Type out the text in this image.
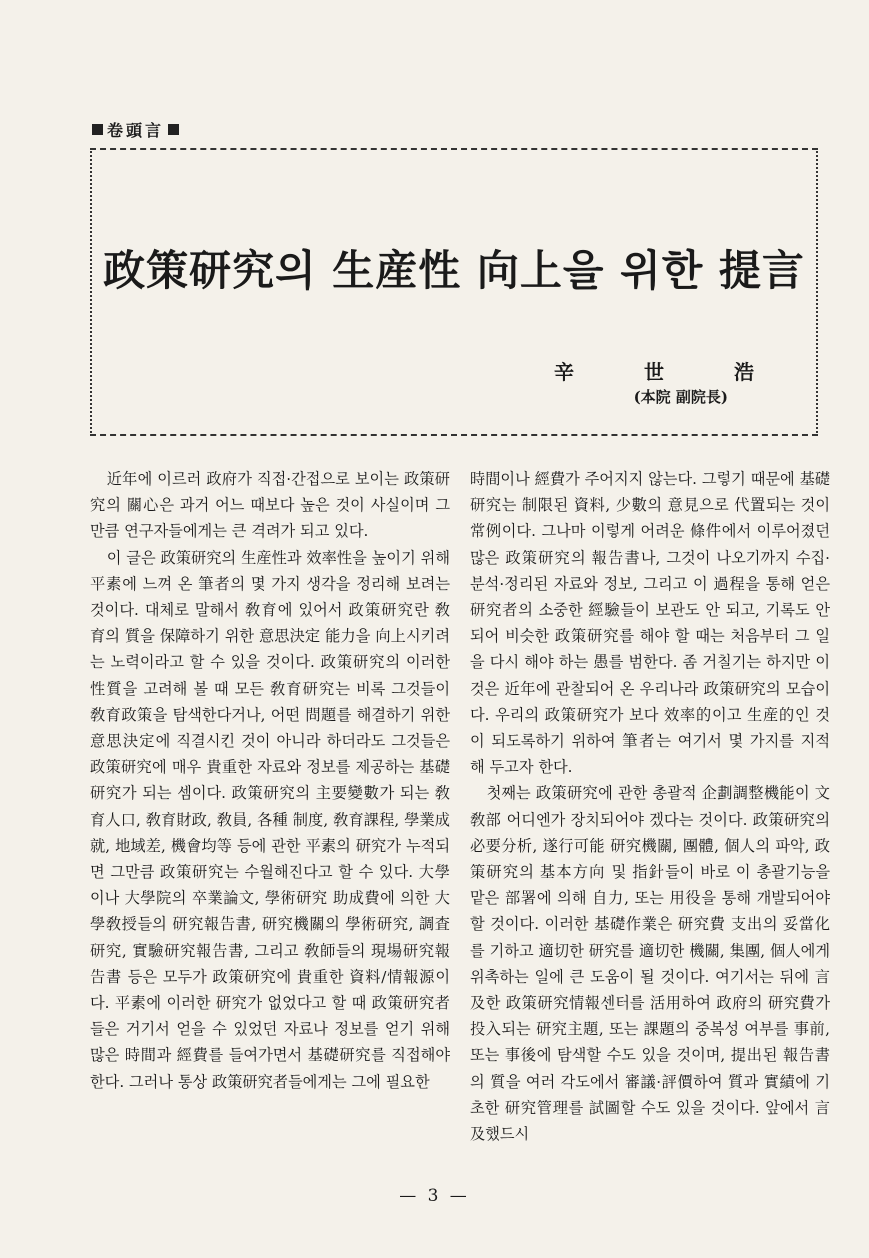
卷頭言
政策研究의 生産性 向上을 위한 提言
辛	世	浩
(本院 副院長)

近年에 이르러 政府가 직접·간접으로 보이는 政策研究의 關心은 과거 어느 때보다 높은 것이 사실이며 그만큼 연구자들에게는 큰 격려가 되고 있다.

이 글은 政策研究의 生産性과 效率性을 높이기 위해 平素에 느껴 온 筆者의 몇 가지 생각을 정리해 보려는 것이다. 대체로 말해서 敎育에 있어서 政策研究란 敎育의 質을 保障하기 위한 意思決定 能力을 向上시키려는 노력이라고 할 수 있을 것이다. 政策研究의 이러한 性質을 고려해 볼 때 모든 敎育研究는 비록 그것들이 敎育政策을 탐색한다거나, 어떤 問題를 해결하기 위한 意思決定에 직결시킨 것이 아니라 하더라도 그것들은 政策研究에 매우 貴重한 자료와 정보를 제공하는 基礎研究가 되는 셈이다. 政策研究의 主要變數가 되는 敎育人口, 敎育財政, 敎員, 各種 制度, 敎育課程, 學業成就, 地域差, 機會均等 등에 관한 平素의 研究가 누적되면 그만큼 政策研究는 수월해진다고 할 수 있다. 大學이나 大學院의 卒業論文, 學術研究 助成費에 의한 大學敎授들의 研究報告書, 研究機關의 學術研究, 調査研究, 實驗研究報告書, 그리고 敎師들의 現場研究報告書 등은 모두가 政策研究에 貴重한 資料/情報源이다. 平素에 이러한 研究가 없었다고 할 때 政策研究者들은 거기서 얻을 수 있었던 자료나 정보를 얻기 위해 많은 時間과 經費를 들여가면서 基礎研究를 직접해야 한다. 그러나 통상 政策研究者들에게는 그에 필요한

時間이나 經費가 주어지지 않는다. 그렇기 때문에 基礎研究는 制限된 資料, 少數의 意見으로 代置되는 것이 常例이다. 그나마 이렇게 어려운 條件에서 이루어졌던 많은 政策研究의 報告書나, 그것이 나오기까지 수집·분석·정리된 자료와 정보, 그리고 이 過程을 통해 얻은 研究者의 소중한 經驗들이 보관도 안 되고, 기록도 안 되어 비슷한 政策研究를 해야 할 때는 처음부터 그 일을 다시 해야 하는 愚를 범한다. 좀 거칠기는 하지만 이것은 近年에 관찰되어 온 우리나라 政策研究의 모습이다. 우리의 政策研究가 보다 效率的이고 生産的인 것이 되도록하기 위하여 筆者는 여기서 몇 가지를 지적 해 두고자 한다.

첫째는 政策研究에 관한 총괄적 企劃調整機能이 文敎部 어디엔가 장치되어야 겠다는 것이다. 政策研究의 必要分析, 遂行可能 研究機關, 團體, 個人의 파악, 政策研究의 基本方向 및 指針들이 바로 이 총괄기능을 맡은 部署에 의해 自力, 또는 用役을 통해 개발되어야 할 것이다. 이러한 基礎作業은 研究費 支出의 妥當化를 기하고 適切한 研究를 適切한 機關, 集團, 個人에게 위촉하는 일에 큰 도움이 될 것이다. 여기서는 뒤에 言及한 政策研究情報센터를 活用하여 政府의 研究費가 投入되는 研究主題, 또는 課題의 중복성 여부를 事前, 또는 事後에 탐색할 수도 있을 것이며, 提出된 報告書의 質을 여러 각도에서 審議·評價하여 質과 實績에 기초한 研究管理를 試圖할 수도 있을 것이다. 앞에서 言及했드시

— 3 —
